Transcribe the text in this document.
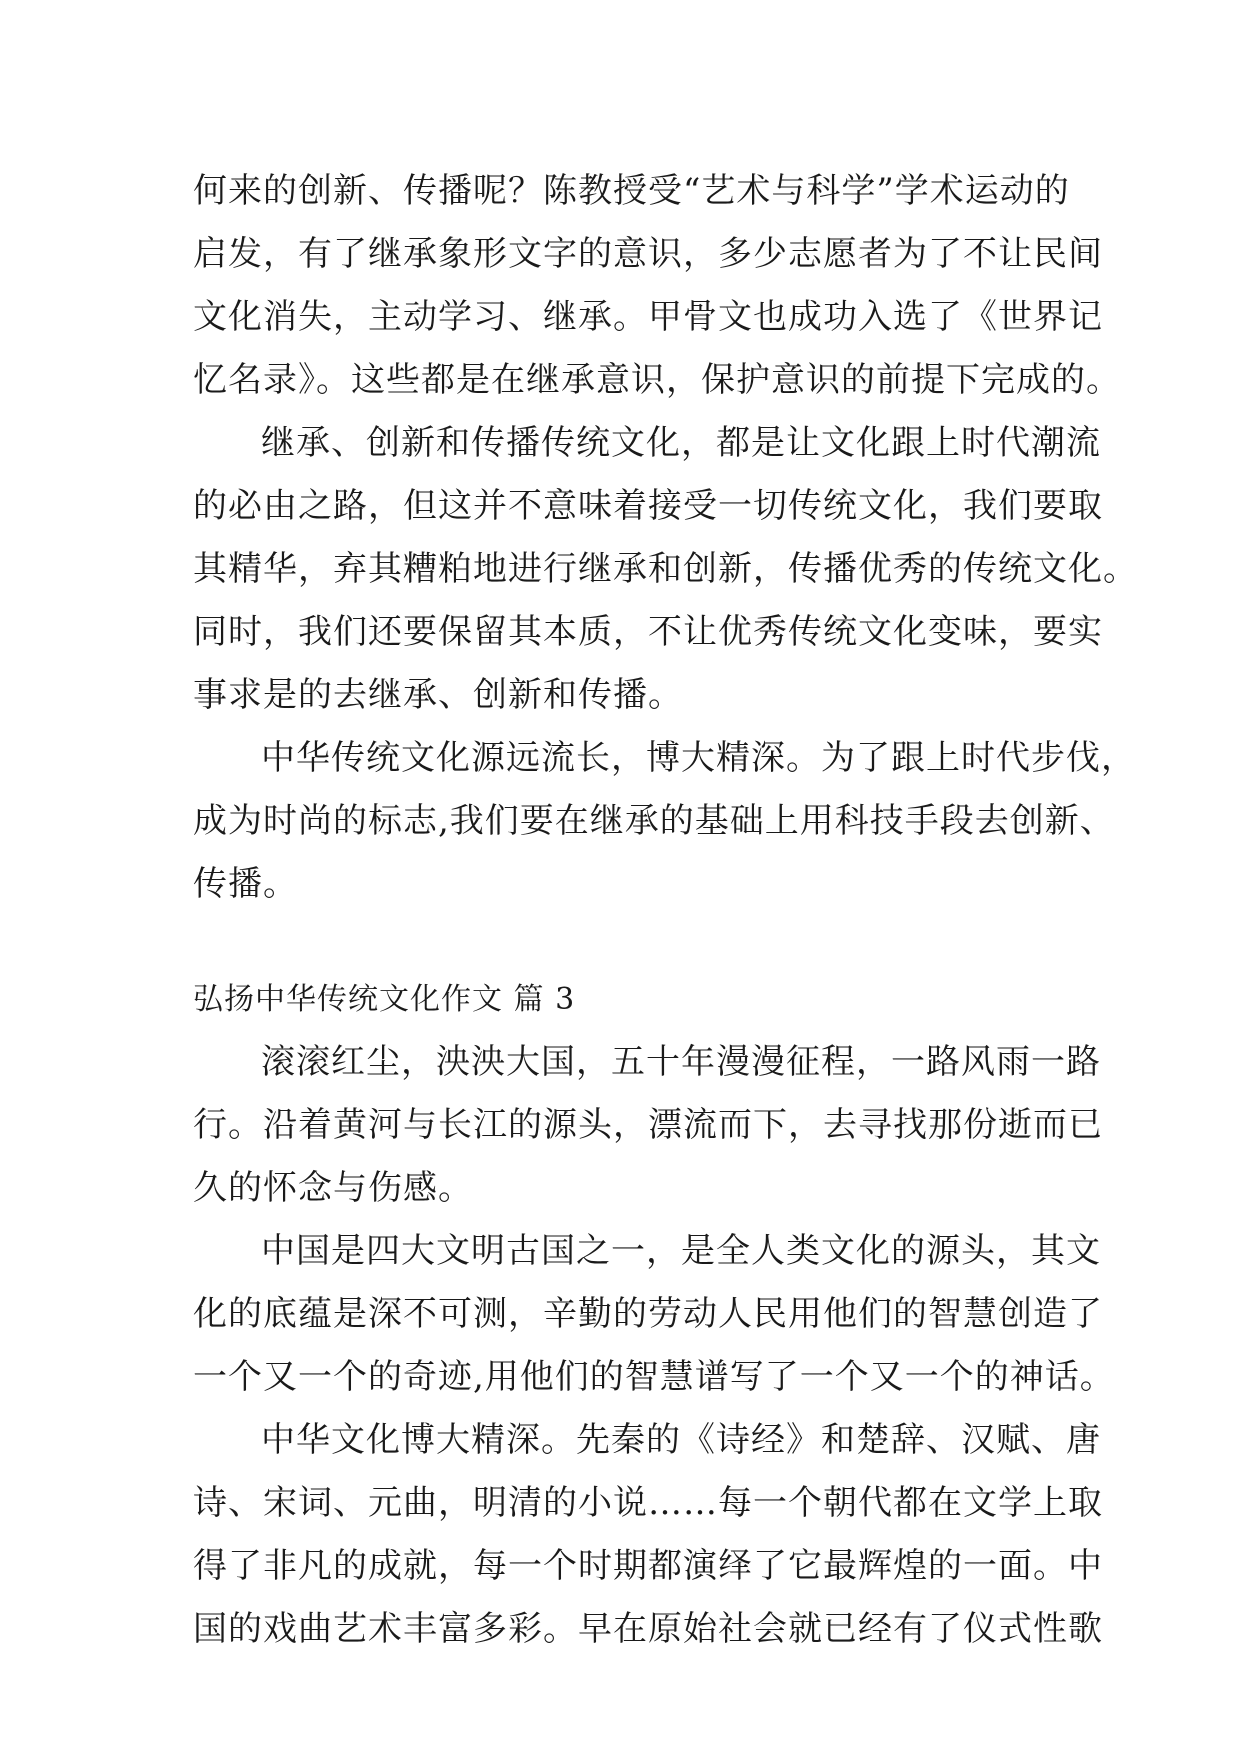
何来的创新、传播呢？陈教授受“艺术与科学”学术运动的
启发，有了继承象形文字的意识，多少志愿者为了不让民间
文化消失，主动学习、继承。甲骨文也成功入选了《世界记
忆名录》。这些都是在继承意识，保护意识的前提下完成的。
继承、创新和传播传统文化，都是让文化跟上时代潮流
的必由之路，但这并不意味着接受一切传统文化，我们要取
其精华，弃其糟粕地进行继承和创新，传播优秀的传统文化。
同时，我们还要保留其本质，不让优秀传统文化变味，要实
事求是的去继承、创新和传播。
中华传统文化源远流长，博大精深。为了跟上时代步伐，
成为时尚的标志,我们要在继承的基础上用科技手段去创新、
传播。
弘扬中华传统文化作文 篇 3
滚滚红尘，泱泱大国，五十年漫漫征程，一路风雨一路
行。沿着黄河与长江的源头，漂流而下，去寻找那份逝而已
久的怀念与伤感。
中国是四大文明古国之一，是全人类文化的源头，其文
化的底蕴是深不可测，辛勤的劳动人民用他们的智慧创造了
一个又一个的奇迹,用他们的智慧谱写了一个又一个的神话。
中华文化博大精深。先秦的《诗经》和楚辞、汉赋、唐
诗、宋词、元曲，明清的小说……每一个朝代都在文学上取
得了非凡的成就，每一个时期都演绎了它最辉煌的一面。中
国的戏曲艺术丰富多彩。早在原始社会就已经有了仪式性歌
